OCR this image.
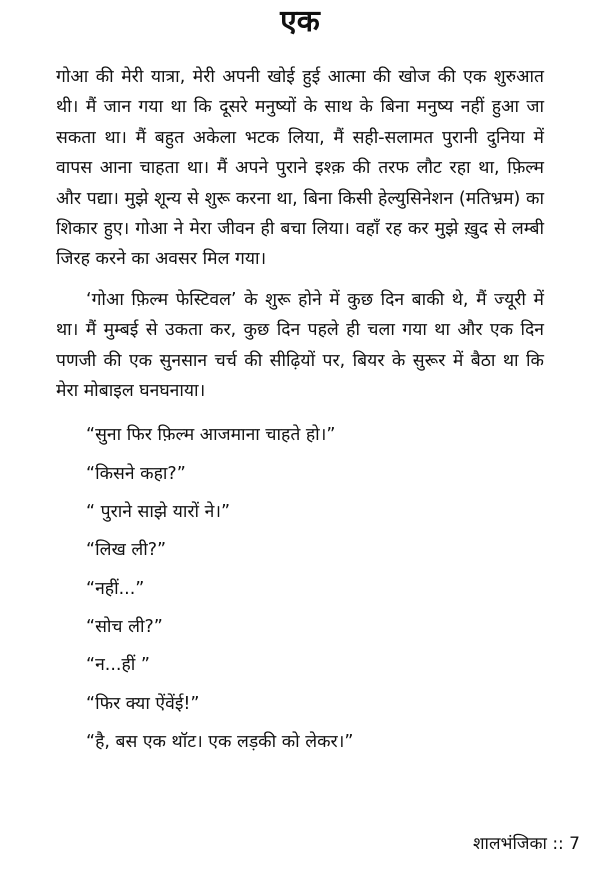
एक

गोआ की मेरी यात्रा, मेरी अपनी खोई हुई आत्मा की खोज की एक शुरुआत थी। मैं जान गया था कि दूसरे मनुष्यों के साथ के बिना मनुष्य नहीं हुआ जा सकता था। मैं बहुत अकेला भटक लिया, मैं सही-सलामत पुरानी दुनिया में वापस आना चाहता था। मैं अपने पुराने इश्क़ की तरफ लौट रहा था, फ़िल्म और पद्या। मुझे शून्य से शुरू करना था, बिना किसी हेल्युसिनेशन (मतिभ्रम) का शिकार हुए। गोआ ने मेरा जीवन ही बचा लिया। वहाँ रह कर मुझे ख़ुद से लम्बी जिरह करने का अवसर मिल गया।

‘गोआ फ़िल्म फेस्टिवल’ के शुरू होने में कुछ दिन बाकी थे, मैं ज्यूरी में था। मैं मुम्बई से उकता कर, कुछ दिन पहले ही चला गया था और एक दिन पणजी की एक सुनसान चर्च की सीढ़ियों पर, बियर के सुरूर में बैठा था कि मेरा मोबाइल घनघनाया।

“सुना फिर फ़िल्म आजमाना चाहते हो।”

“किसने कहा?”

“ पुराने साझे यारों ने।”

“लिख ली?”

“नहीं...”

“सोच ली?”

“न...हीं ”

“फिर क्या ऐंवेंई!”

“है, बस एक थॉट। एक लड़की को लेकर।”

शालभंजिका :: 7
